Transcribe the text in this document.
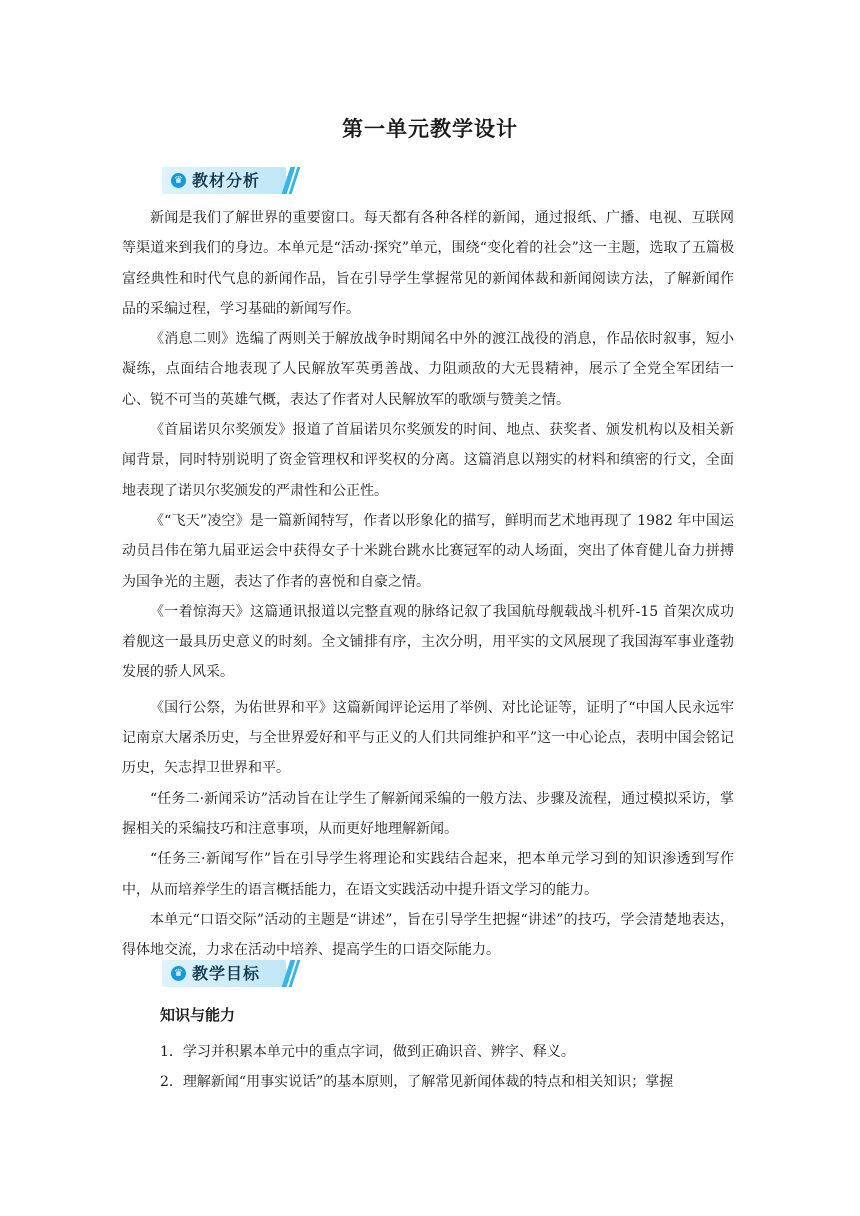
第一单元教学设计
♛ 教材分析

新闻是我们了解世界的重要窗口。每天都有各种各样的新闻，通过报纸、广播、电视、互联网等渠道来到我们的身边。本单元是“活动·探究”单元，围绕“变化着的社会”这一主题，选取了五篇极富经典性和时代气息的新闻作品，旨在引导学生掌握常见的新闻体裁和新闻阅读方法，了解新闻作品的采编过程，学习基础的新闻写作。

《消息二则》选编了两则关于解放战争时期闻名中外的渡江战役的消息，作品依时叙事，短小凝练，点面结合地表现了人民解放军英勇善战、力阻顽敌的大无畏精神，展示了全党全军团结一心、锐不可当的英雄气概，表达了作者对人民解放军的歌颂与赞美之情。

《首届诺贝尔奖颁发》报道了首届诺贝尔奖颁发的时间、地点、获奖者、颁发机构以及相关新闻背景，同时特别说明了资金管理权和评奖权的分离。这篇消息以翔实的材料和缜密的行文，全面地表现了诺贝尔奖颁发的严肃性和公正性。

《“飞天”凌空》是一篇新闻特写，作者以形象化的描写，鲜明而艺术地再现了 1982 年中国运动员吕伟在第九届亚运会中获得女子十米跳台跳水比赛冠军的动人场面，突出了体育健儿奋力拼搏为国争光的主题，表达了作者的喜悦和自豪之情。

《一着惊海天》这篇通讯报道以完整直观的脉络记叙了我国航母舰载战斗机歼-15 首架次成功着舰这一最具历史意义的时刻。全文铺排有序，主次分明，用平实的文风展现了我国海军事业蓬勃发展的骄人风采。

《国行公祭，为佑世界和平》这篇新闻评论运用了举例、对比论证等，证明了“中国人民永远牢记南京大屠杀历史，与全世界爱好和平与正义的人们共同维护和平”这一中心论点，表明中国会铭记历史，矢志捍卫世界和平。

“任务二·新闻采访”活动旨在让学生了解新闻采编的一般方法、步骤及流程，通过模拟采访，掌握相关的采编技巧和注意事项，从而更好地理解新闻。

“任务三·新闻写作”旨在引导学生将理论和实践结合起来，把本单元学习到的知识渗透到写作中，从而培养学生的语言概括能力，在语文实践活动中提升语文学习的能力。

本单元“口语交际”活动的主题是“讲述”，旨在引导学生把握“讲述”的技巧，学会清楚地表达，得体地交流，力求在活动中培养、提高学生的口语交际能力。

♛ 教学目标
知识与能力
1．学习并积累本单元中的重点字词，做到正确识音、辨字、释义。
2．理解新闻“用事实说话”的基本原则，了解常见新闻体裁的特点和相关知识；掌握
